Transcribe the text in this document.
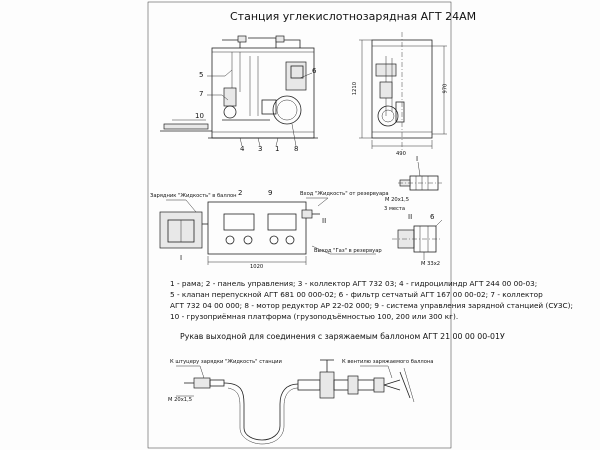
Станция углекислотнозарядная АГТ 24АМ
5	6
7
10
4 3 1 8
490
1210	970
I
M 20x1,5
3 места
II	6
M 33x2
Зарядник "Жидкость" в баллон	Вход "Жидкость" от резервуара
2	9
I
II
Выход "Газ" в резервуар
1020
1 - рама; 2 - панель управления; 3 - коллектор АГТ 732 03; 4 - гидроцилиндр АГТ 244 00 00-03;
5 - клапан перепускной АГТ 681 00 000-02; 6 - фильтр сетчатый АГТ 167 00 00-02; 7 - коллектор
АГТ 732 04 00 000; 8 - мотор редуктор АР 22-02 000; 9 - система управления зарядной станцией (СУЗС);
10 - грузоприёмная платформа (грузоподъёмностью 100, 200 или 300 кг).
Рукав выходной для соединения с заряжаемым баллоном АГТ 21 00 00 00-01У
К штуцеру зарядки "Жидкость" станции	К вентилю заряжаемого баллона
M 20x1,5
